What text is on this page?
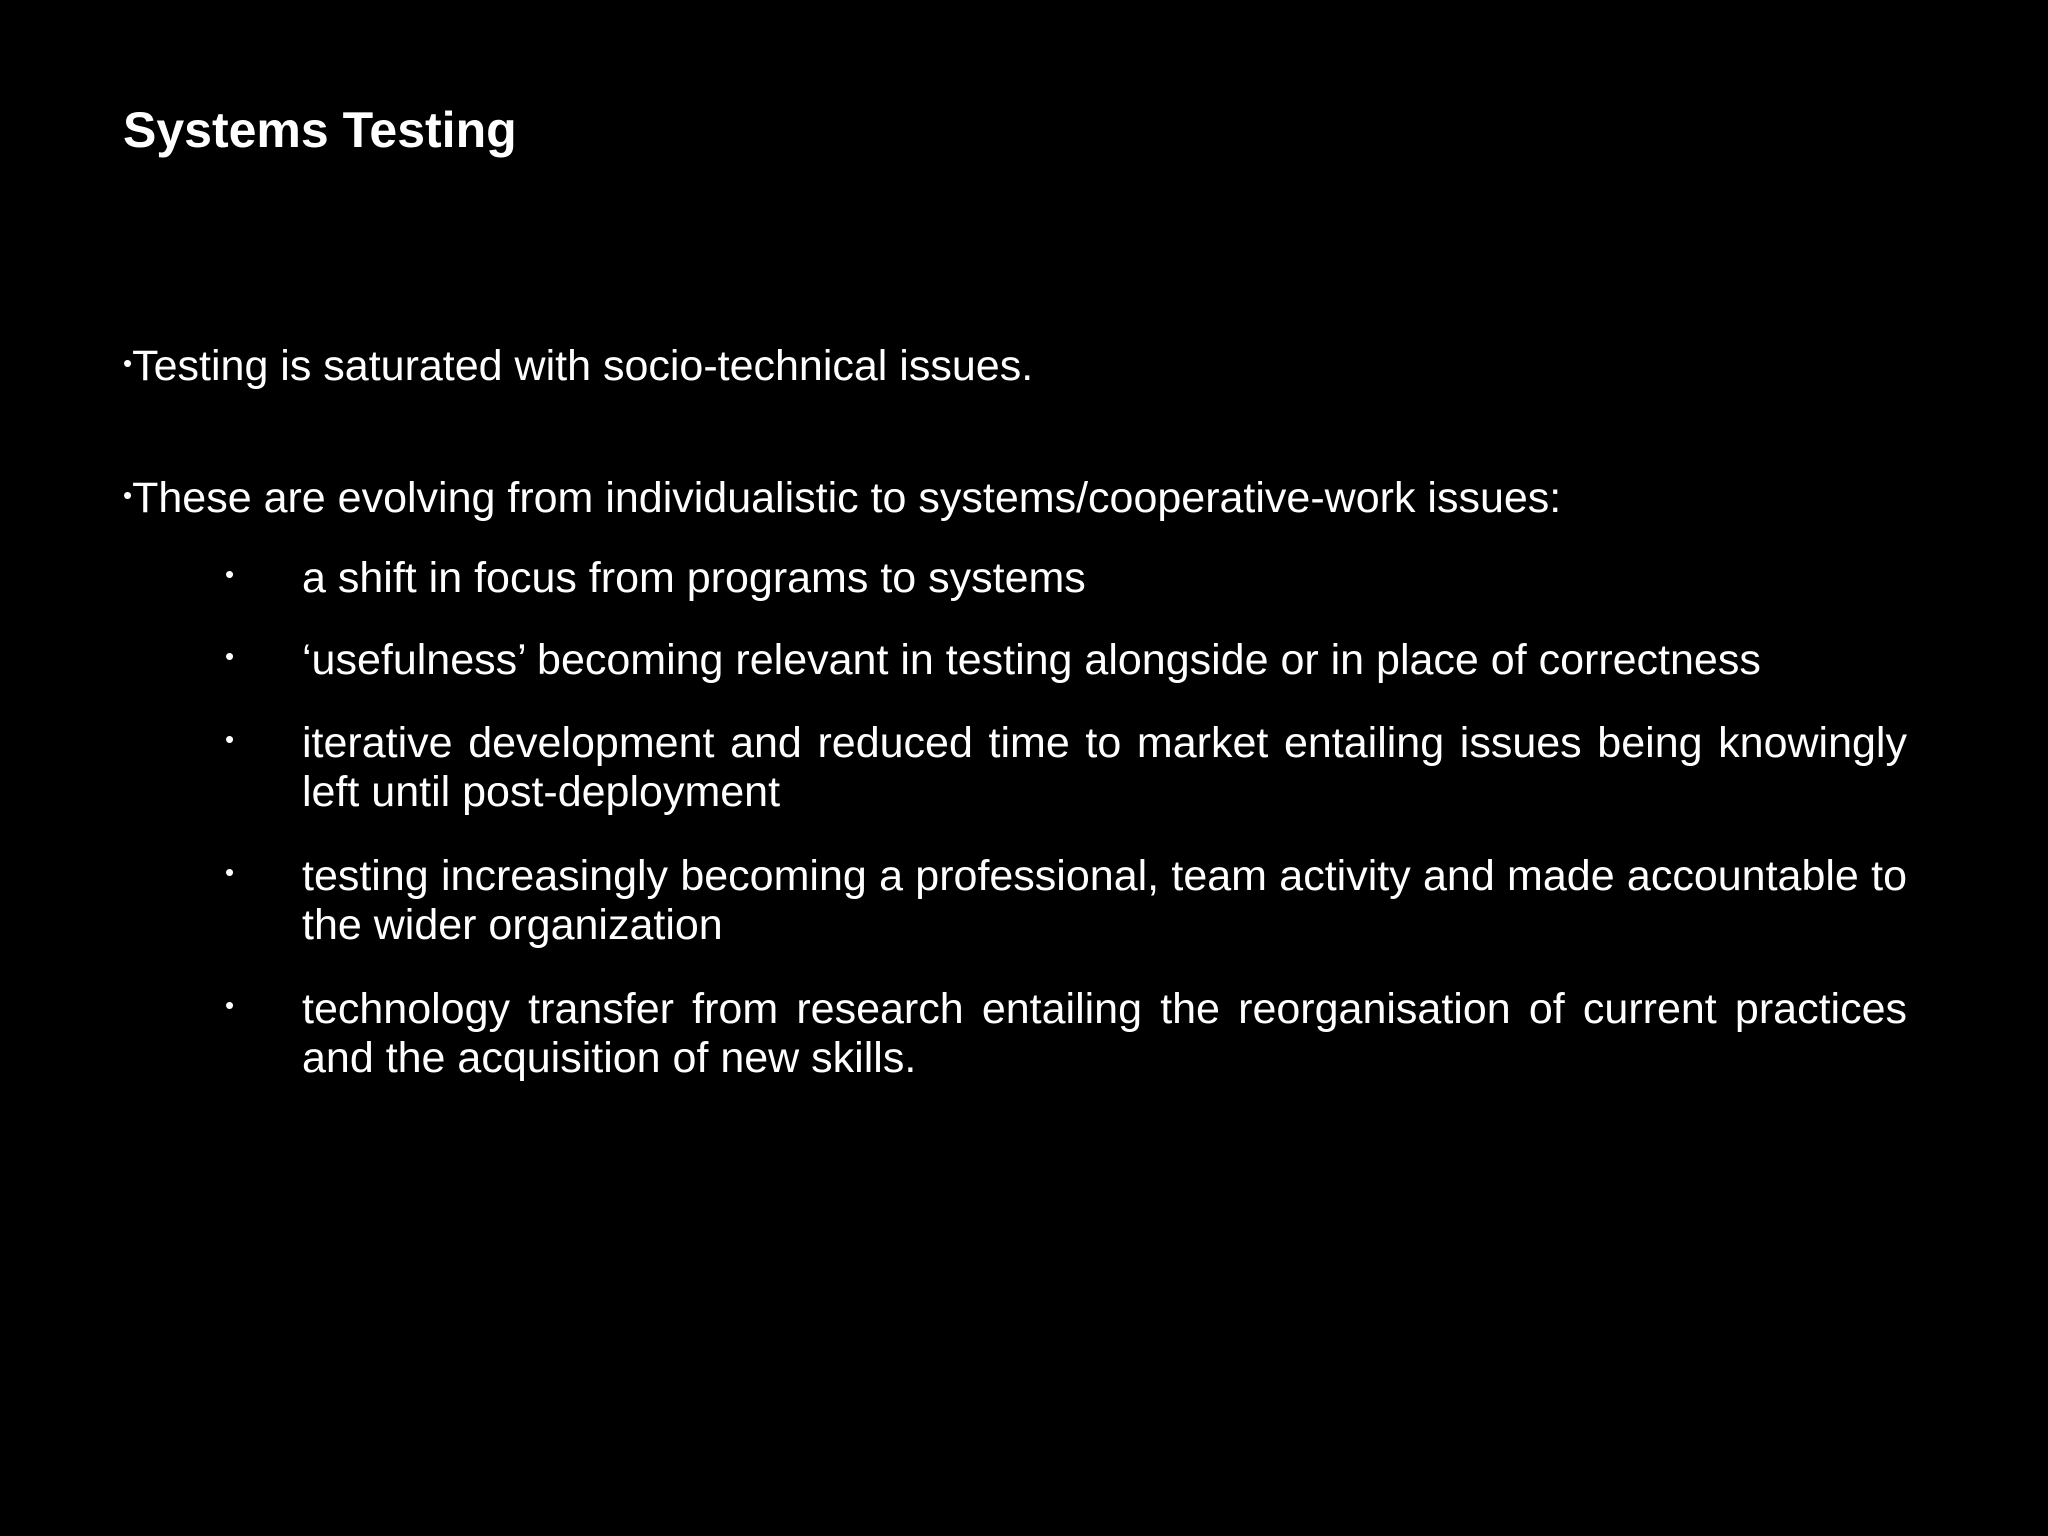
Systems Testing
•Testing is saturated with socio-technical issues.
•These are evolving from individualistic to systems/cooperative-work issues:
• a shift in focus from programs to systems
• ‘usefulness’ becoming relevant in testing alongside or in place of correctness
• iterative development and reduced time to market entailing issues being knowingly left until post-deployment
• testing increasingly becoming a professional, team activity and made accountable to the wider organization
• technology transfer from research entailing the reorganisation of current practices and the acquisition of new skills.
